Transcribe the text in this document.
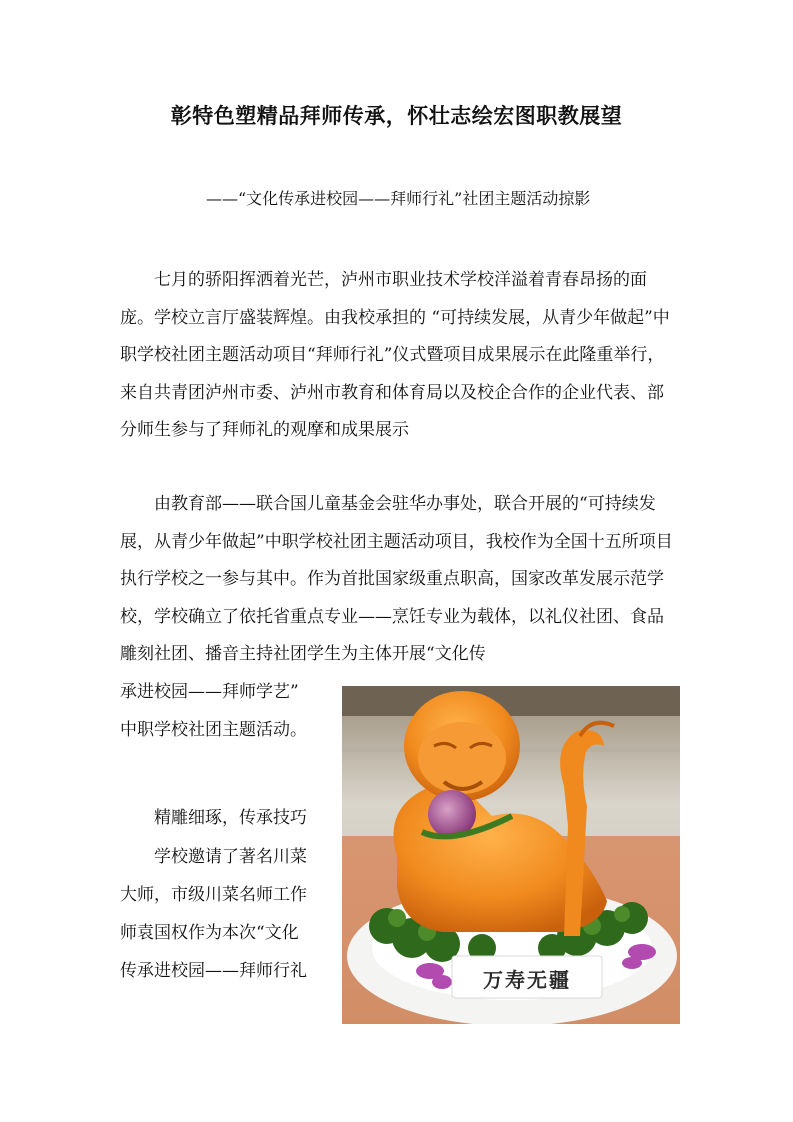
彰特色塑精品拜师传承，怀壮志绘宏图职教展望
——“文化传承进校园——拜师行礼”社团主题活动掠影

七月的骄阳挥洒着光芒，泸州市职业技术学校洋溢着青春昂扬的面庞。学校立言厅盛装辉煌。由我校承担的 “可持续发展，从青少年做起”中职学校社团主题活动项目“拜师行礼”仪式暨项目成果展示在此隆重举行，来自共青团泸州市委、泸州市教育和体育局以及校企合作的企业代表、部分师生参与了拜师礼的观摩和成果展示

由教育部——联合国儿童基金会驻华办事处，联合开展的“可持续发展，从青少年做起”中职学校社团主题活动项目，我校作为全国十五所项目执行学校之一参与其中。作为首批国家级重点职高，国家改革发展示范学校，学校确立了依托省重点专业——烹饪专业为载体，以礼仪社团、食品雕刻社团、播音主持社团学生为主体开展“文化传

承进校园——拜师学艺”
中职学校社团主题活动。
　　精雕细琢，传承技巧
　　学校邀请了著名川菜
大师，市级川菜名师工作
师袁国权作为本次“文化
传承进校园——拜师行礼	万寿无疆
